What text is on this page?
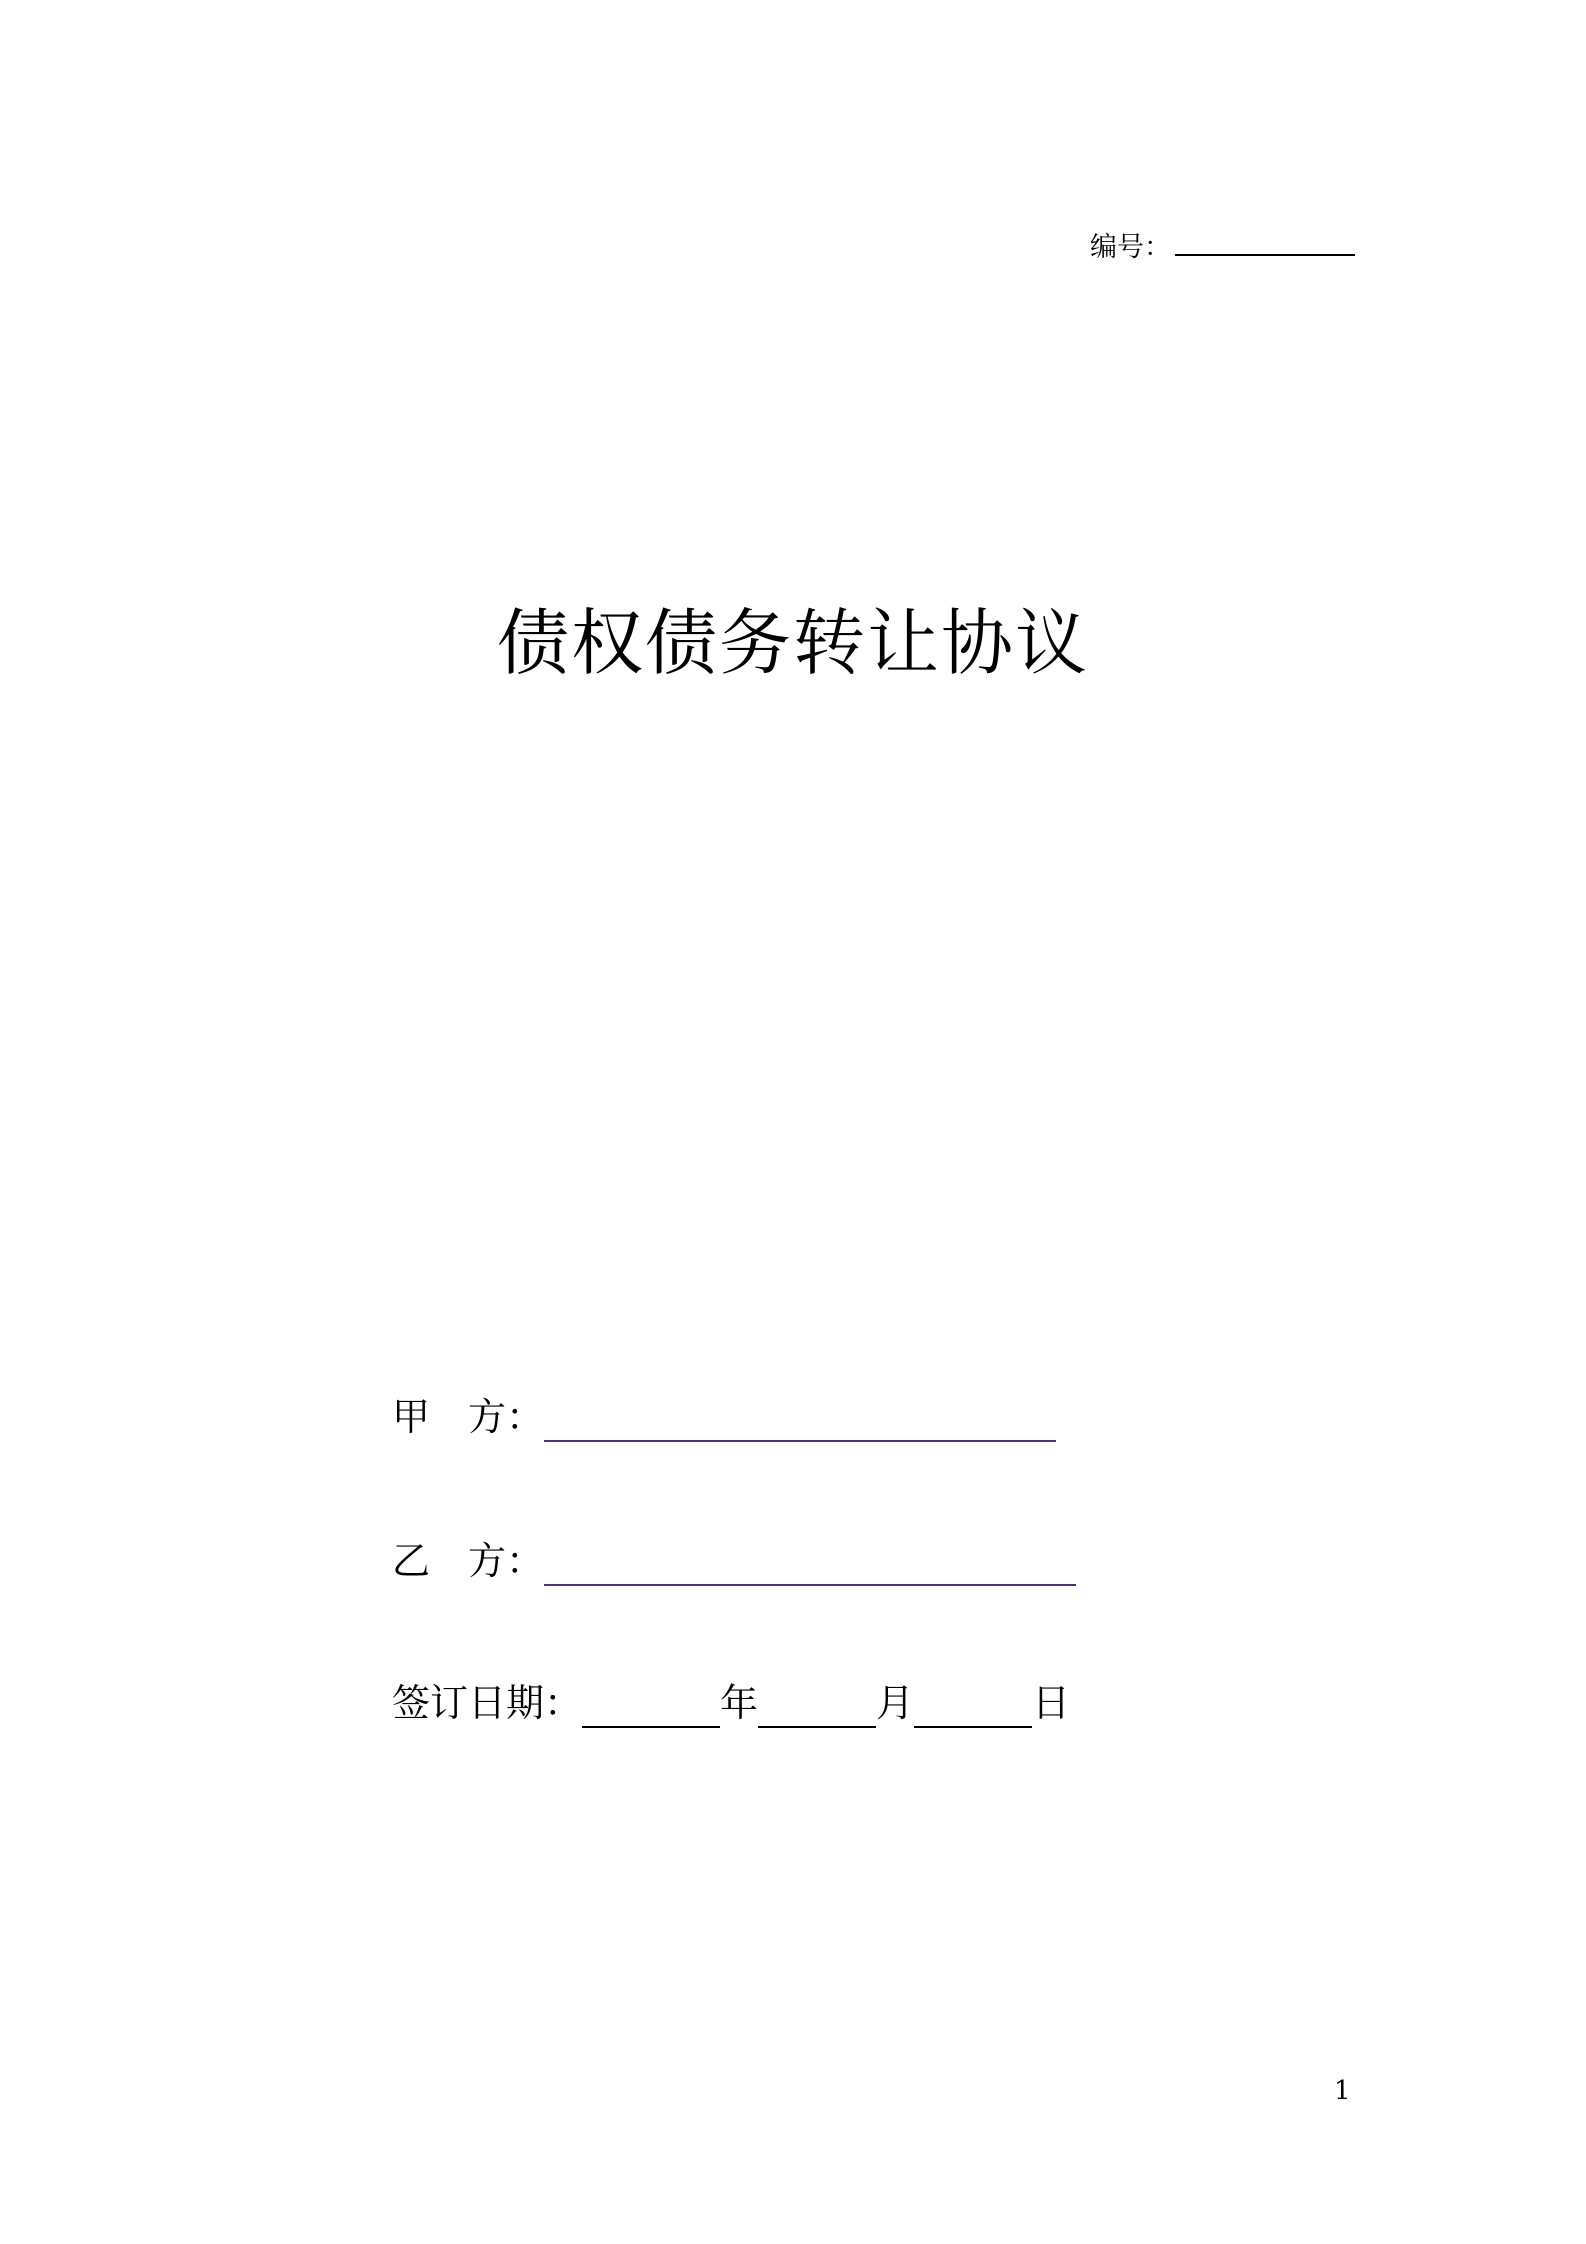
编号：
债权债务转让协议
甲　方：
乙　方：
签订日期：	年	月	日
1
